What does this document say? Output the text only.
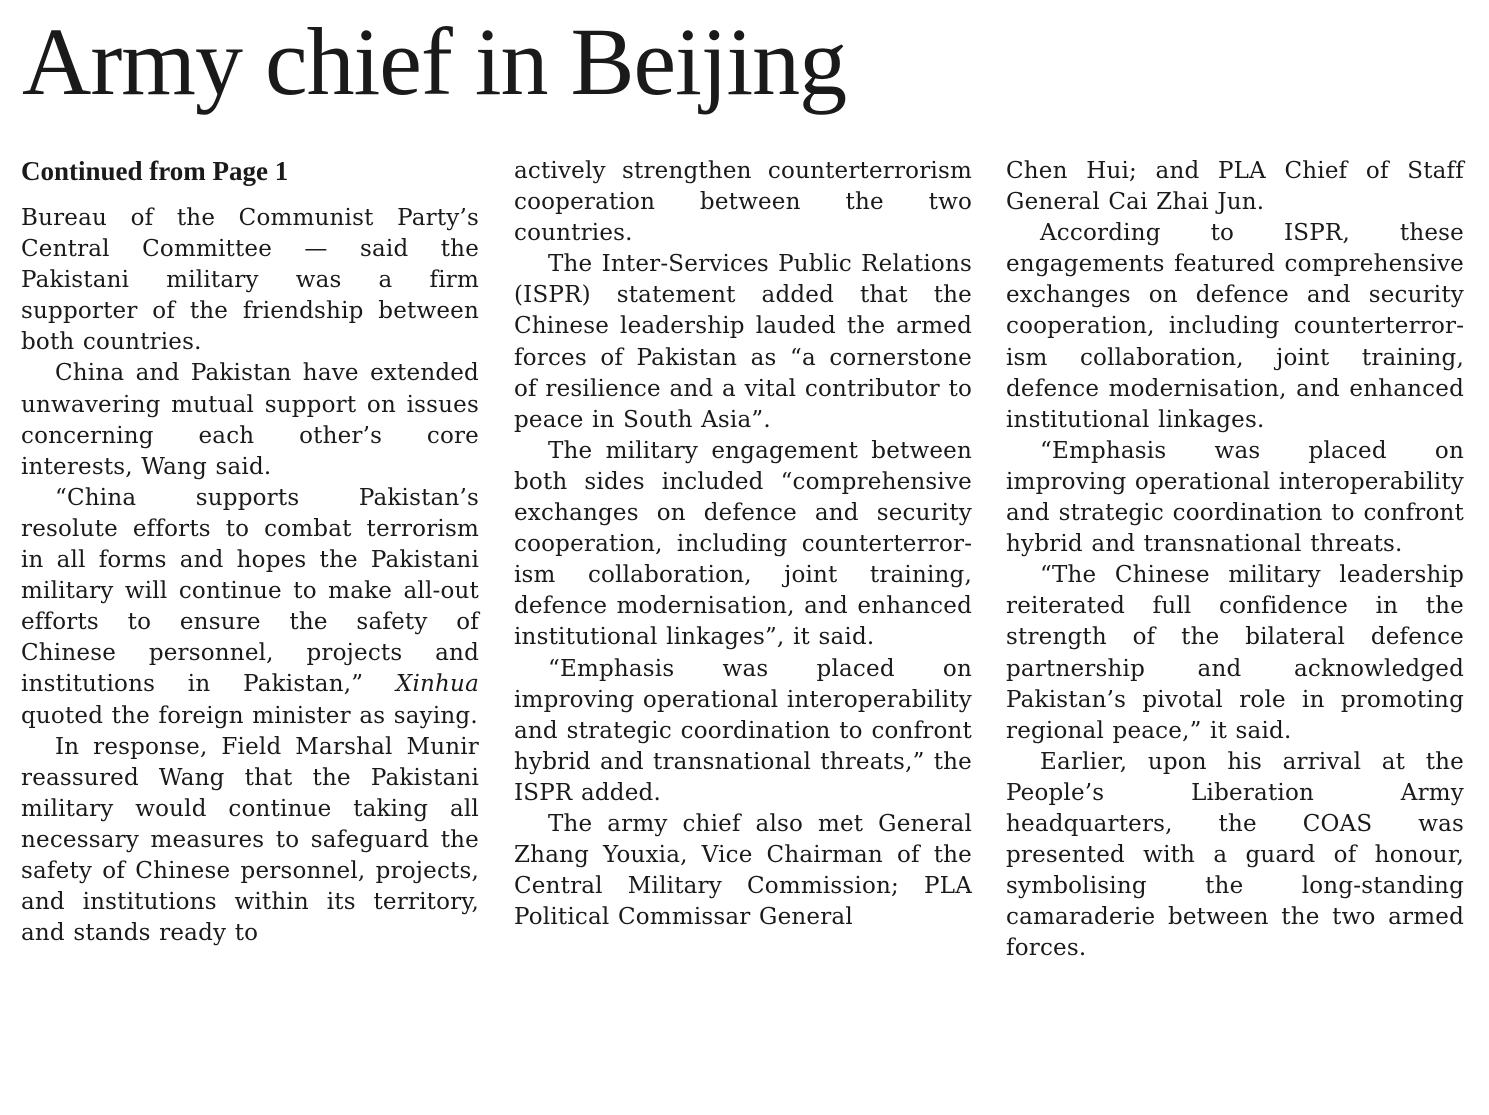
Army chief in Beijing

Continued from Page 1

Bureau of the Communist Party’s Central Committee — said the Pakistani military was a firm supporter of the friendship between both countries.

China and Pakistan have extended unwavering mutual support on issues concerning each other’s core interests, Wang said.

“China supports Pakistan’s resolute efforts to combat terrorism in all forms and hopes the Pakistani military will continue to make all-out efforts to ensure the safety of Chinese personnel, projects and institutions in Pakistan,” Xinhua quoted the foreign minister as saying.

In response, Field Marshal Munir reassured Wang that the Pakistani military would continue taking all necessary measures to safeguard the safety of Chinese personnel, projects, and institutions within its territory, and stands ready to

actively strengthen counterterrorism cooperation between the two countries.

The Inter-Services Public Relations (ISPR) statement added that the Chinese leadership lauded the armed forces of Pakistan as “a cornerstone of resilience and a vital contributor to peace in South Asia”.

The military engagement between both sides included “comprehensive exchanges on defence and security cooperation, including counterterrorism collaboration, joint training, defence modernisation, and enhanced institutional linkages”, it said.

“Emphasis was placed on improving operational interoperability and strategic coordination to confront hybrid and transnational threats,” the ISPR added.

The army chief also met General Zhang Youxia, Vice Chairman of the Central Military Commission; PLA Political Commissar General

Chen Hui; and PLA Chief of Staff General Cai Zhai Jun.

According to ISPR, these engagements featured comprehensive exchanges on defence and security cooperation, including counterterrorism collaboration, joint training, defence modernisation, and enhanced institutional linkages.

“Emphasis was placed on improving operational interoperability and strategic coordination to confront hybrid and transnational threats.

“The Chinese military leadership reiterated full confidence in the strength of the bilateral defence partnership and acknowledged Pakistan’s pivotal role in promoting regional peace,” it said.

Earlier, upon his arrival at the People’s Liberation Army headquarters, the COAS was presented with a guard of honour, symbolising the long-standing camaraderie between the two armed forces.
